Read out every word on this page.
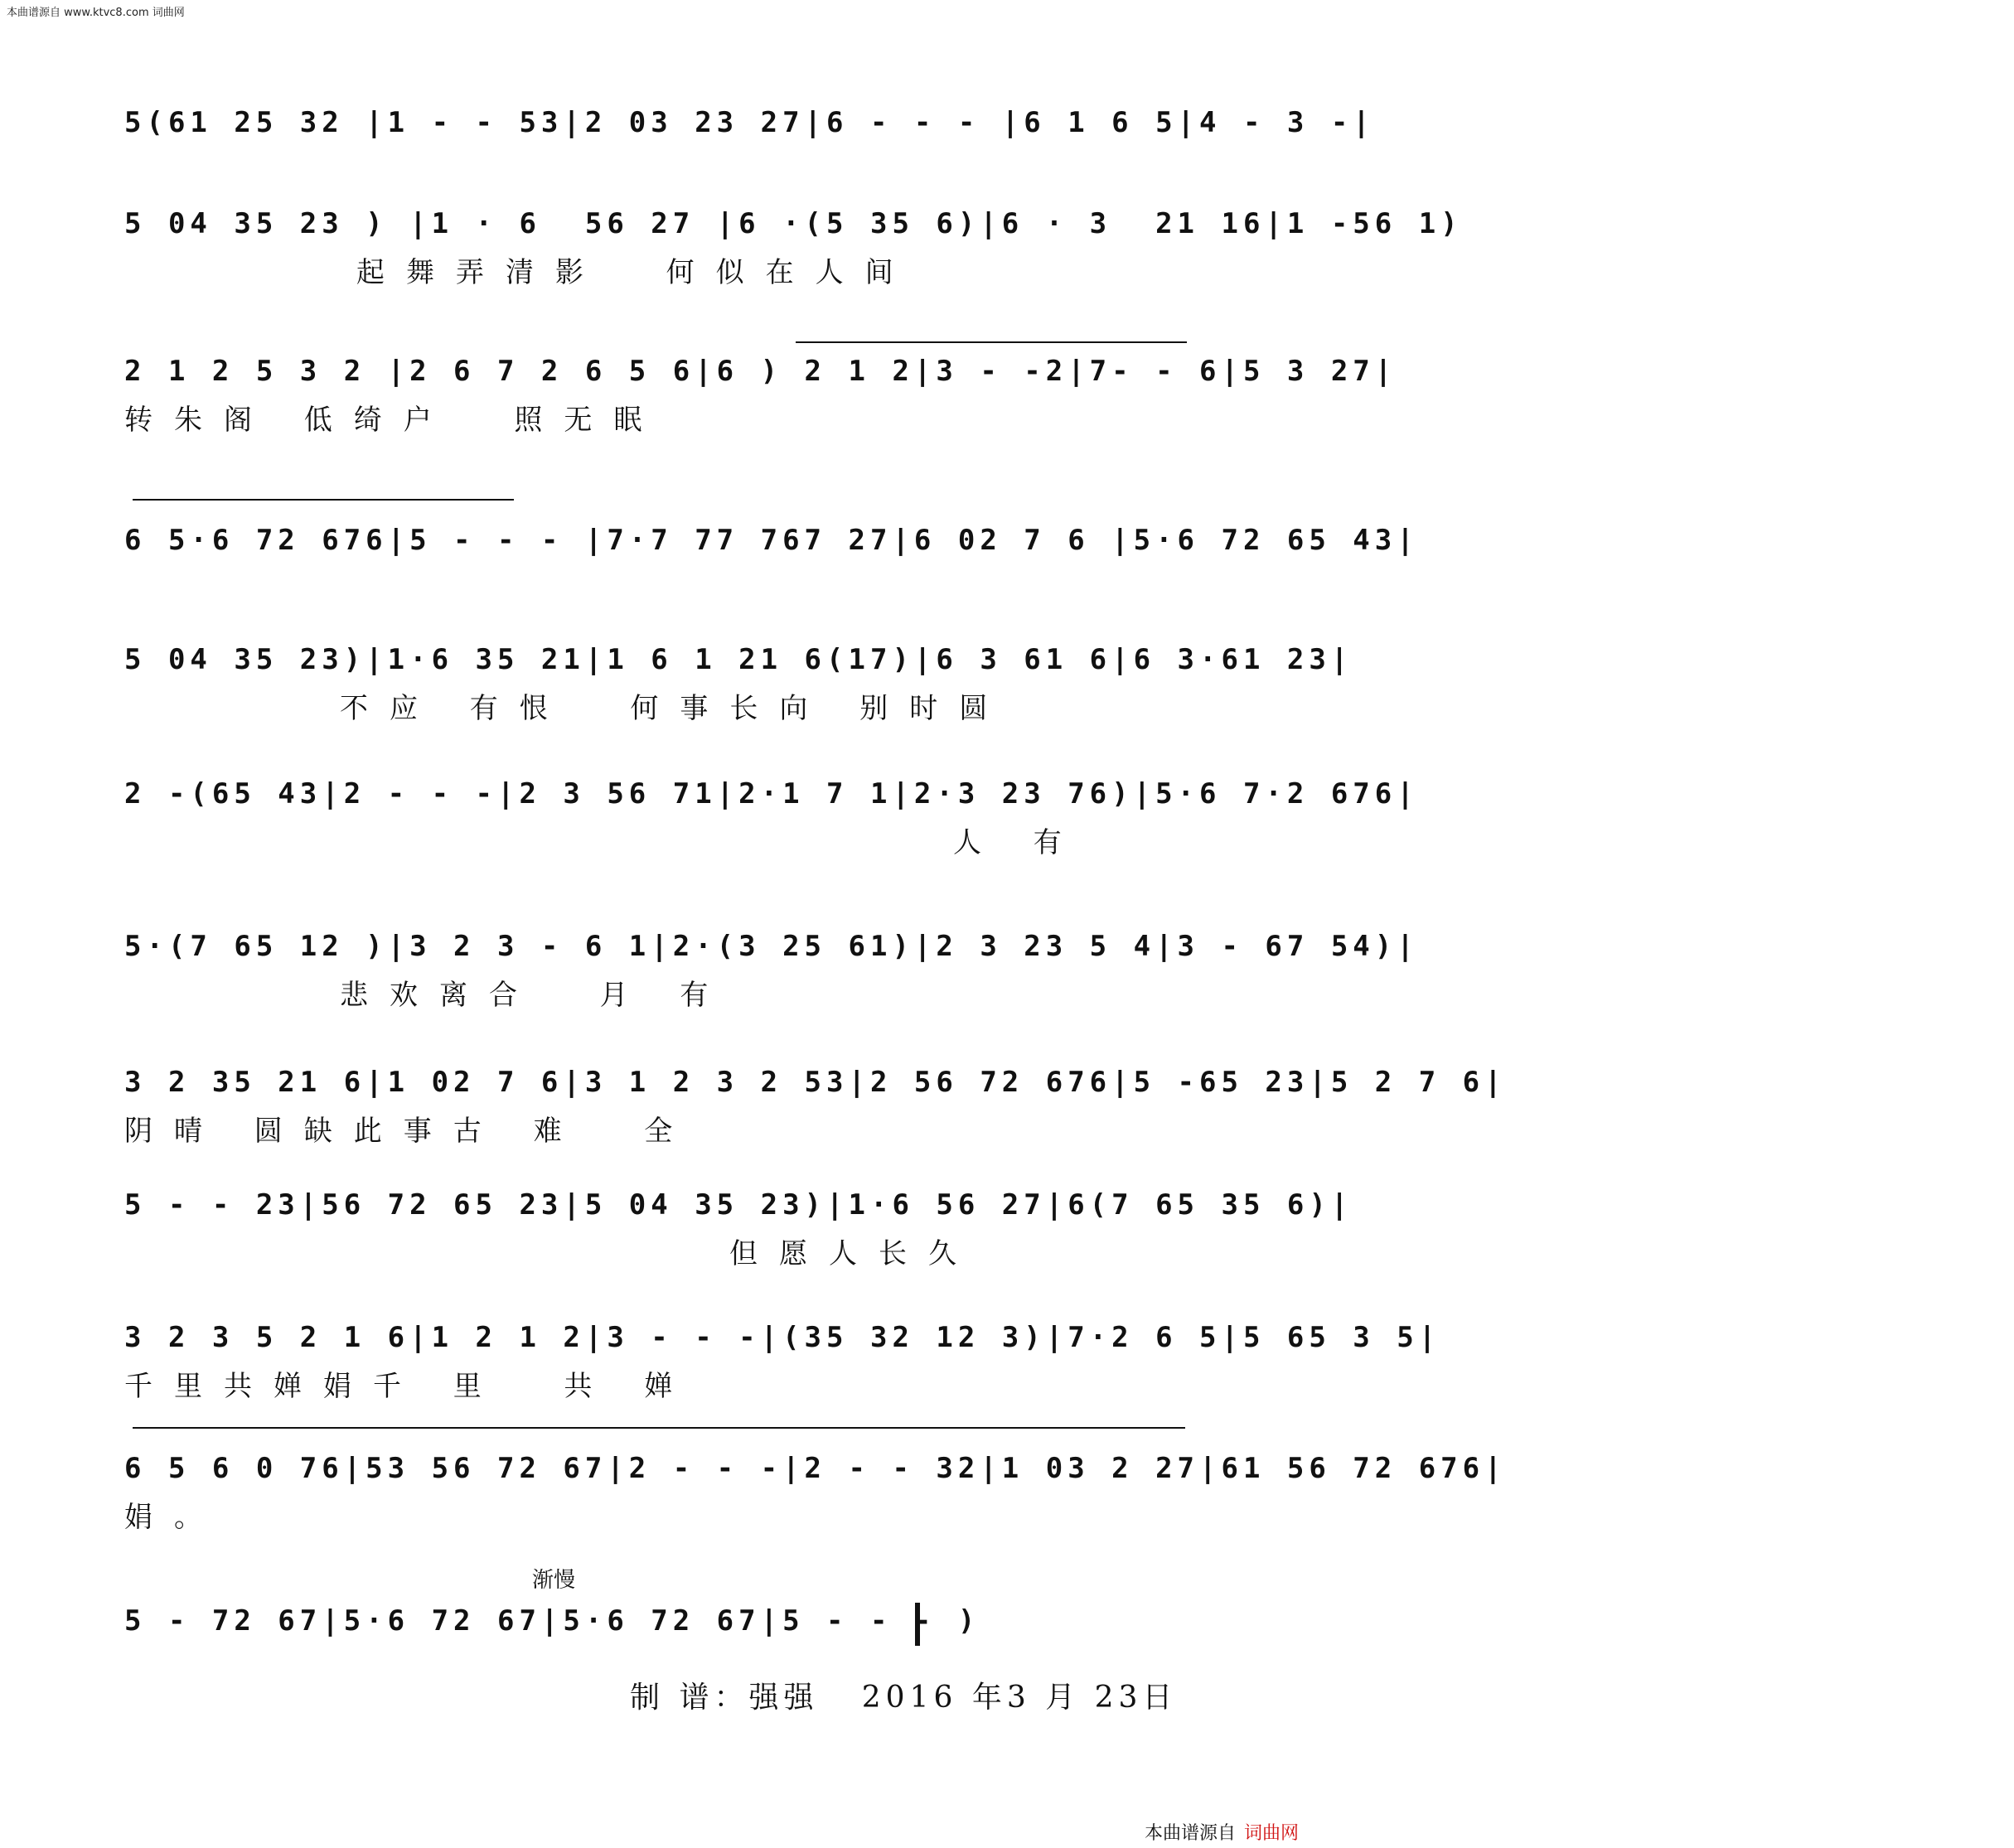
本曲谱源自 www.ktvc8.com 词曲网
5(61 25 32 |1 - - 53|2 03 23 27|6 - - - |6 1 6 5|4 - 3 -|
5 04 35 23 ) |1 · 6  56 27 |6 ·(5 35 6)|6 · 3  21 16|1 -56 1)
起舞弄清影  何似在人间
2 1 2 5 3 2 |2 6 7 2 6 5 6|6 ) 2 1 2|3 - -2|7- - 6|5 3 27|
转朱阁 低绮户  照无眠
6 5·6 72 676|5 - - - |7·7 77 767 27|6 02 7 6 |5·6 72 65 43|
5 04 35 23)|1·6 35 21|1 6 1 21 6(17)|6 3 61 6|6 3·61 23|
不应 有恨  何事长向 别时圆
2 -(65 43|2 - - -|2 3 56 71|2·1 7 1|2·3 23 76)|5·6 7·2 676|
人 有
5·(7 65 12 )|3 2 3 - 6 1|2·(3 25 61)|2 3 23 5 4|3 - 67 54)|
悲欢离合  月 有
3 2 35 21 6|1 02 7 6|3 1 2 3 2 53|2 56 72 676|5 -65 23|5 2 7 6|
阴晴 圆缺此事古 难  全
5 - - 23|56 72 65 23|5 04 35 23)|1·6 56 27|6(7 65 35 6)|
但愿人长久
3 2 3 5 2 1 6|1 2 1 2|3 - - -|(35 32 12 3)|7·2 6 5|5 65 3 5|
千里共婵娟千 里  共 婵
6 5 6 0 76|53 56 72 67|2 - - -|2 - - 32|1 03 2 27|61 56 72 676|
娟。
渐慢
5 - 72 67|5·6 72 67|5·6 72 67|5 - - - )
制 谱：强强   2016 年3 月 23日
本曲谱源自 词曲网
